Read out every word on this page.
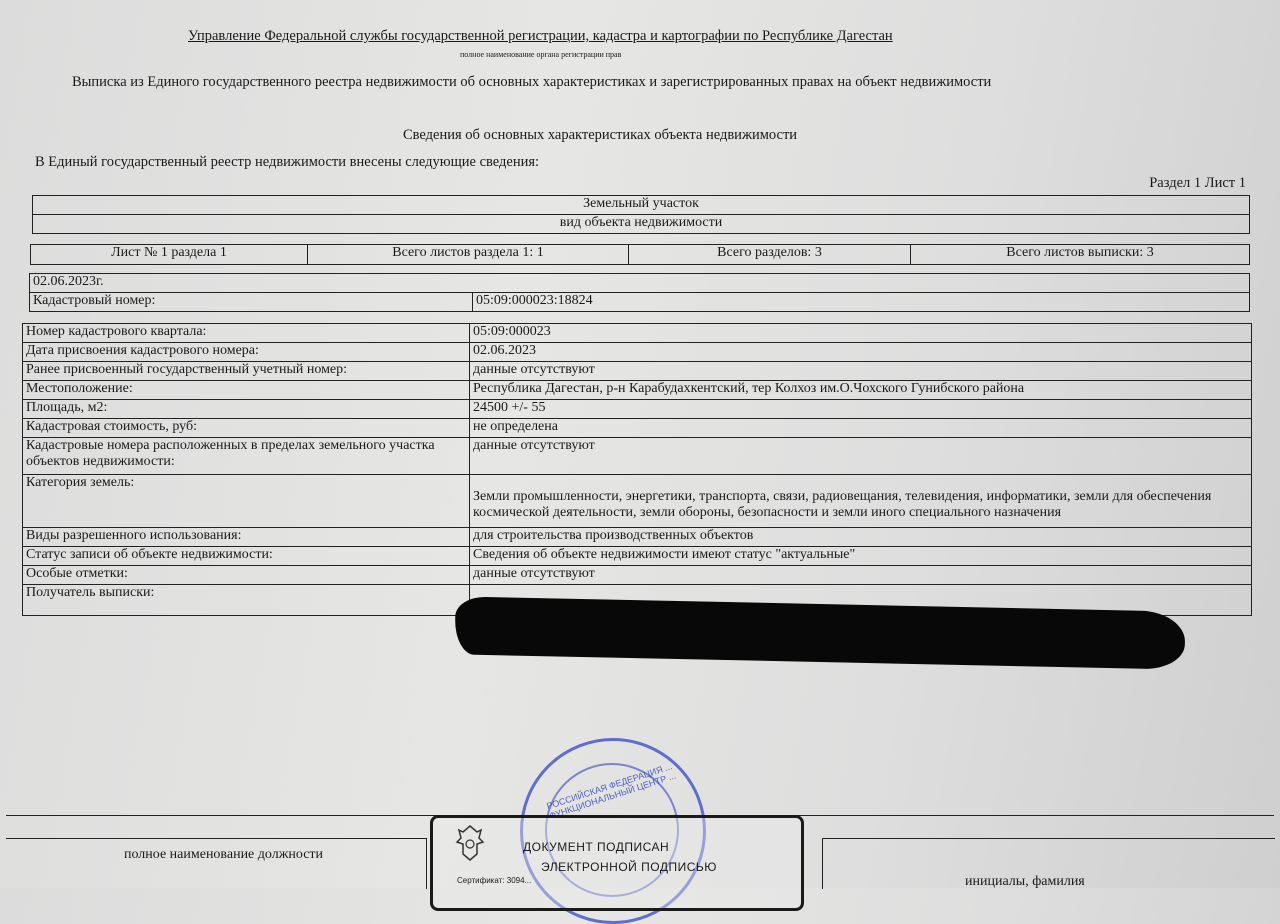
Управление Федеральной службы государственной регистрации, кадастра и картографии по Республике Дагестан
полное наименование органа регистрации прав
Выписка из Единого государственного реестра недвижимости об основных характеристиках и зарегистрированных правах на объект недвижимости
Сведения об основных характеристиках объекта недвижимости
В Единый государственный реестр недвижимости внесены следующие сведения:
Раздел 1 Лист 1
Земельный участок
вид объекта недвижимости
Лист № 1 раздела 1	Всего листов раздела 1: 1	Всего разделов: 3	Всего листов выписки: 3
02.06.2023г.
Кадастровый номер:	05:09:000023:18824
Номер кадастрового квартала:	05:09:000023
Дата присвоения кадастрового номера:	02.06.2023
Ранее присвоенный государственный учетный номер:	данные отсутствуют
Местоположение:	Республика Дагестан, р-н Карабудахкентский, тер Колхоз им.О.Чохского Гунибского района
Площадь, м2:	24500 +/- 55
Кадастровая стоимость, руб:	не определена
Кадастровые номера расположенных в пределах земельного участка объектов недвижимости:	данные отсутствуют
Категория земель:	Земли промышленности, энергетики, транспорта, связи, радиовещания, телевидения, информатики, земли для обеспечения космической деятельности, земли обороны, безопасности и земли иного специального назначения
Виды разрешенного использования:	для строительства производственных объектов
Статус записи об объекте недвижимости:	Сведения об объекте недвижимости имеют статус "актуальные"
Особые отметки:	данные отсутствуют
Получатель выписки:	
полное наименование должности
инициалы, фамилия
РОССИЙСКАЯ ФЕДЕРАЦИЯ ... ФУНКЦИОНАЛЬНЫЙ ЦЕНТР ...
ДОКУМЕНТ ПОДПИСАН
ЭЛЕКТРОННОЙ ПОДПИСЬЮ
Сертификат: 3094...
